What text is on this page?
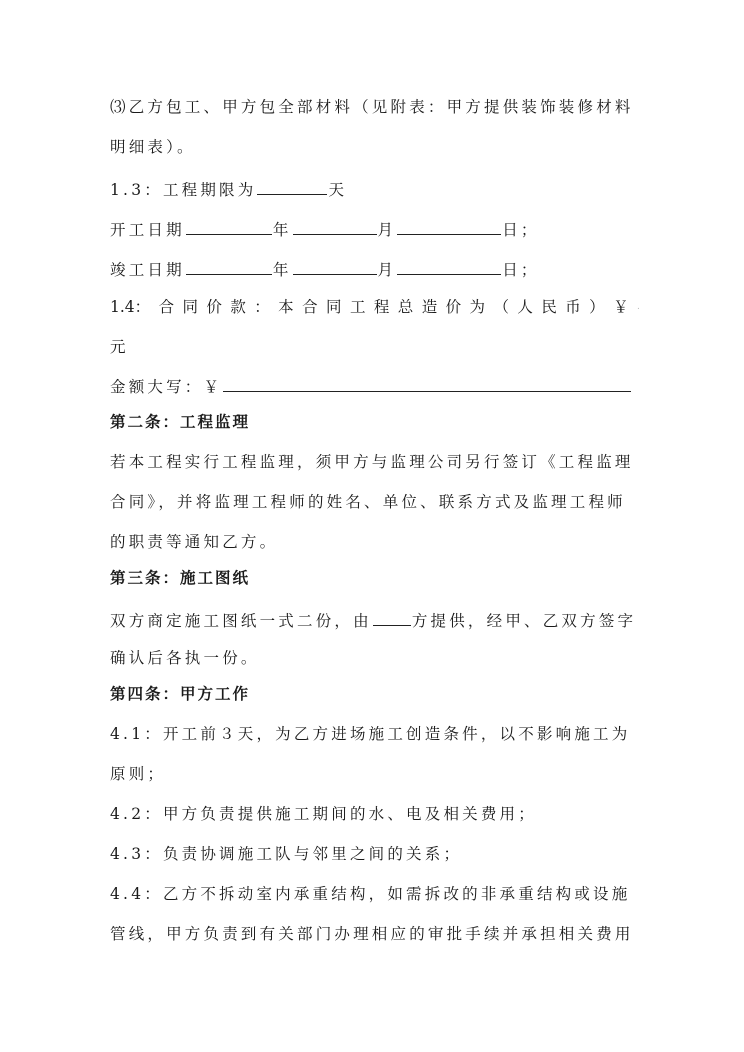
⑶乙方包工、甲方包全部材料（见附表：甲方提供装饰装修材料
明细表）。
1.3：工程期限为	天
开工日期	年	月	日；
竣工日期	年	月	日；
1.4： 合 同 价 款 ： 本 合 同 工 程 总 造 价 为 （ 人 民 币 ） ￥ .
元
金额大写：￥
第二条：工程监理
若本工程实行工程监理，须甲方与监理公司另行签订《工程监理
合同》，并将监理工程师的姓名、单位、联系方式及监理工程师
的职责等通知乙方。
第三条：施工图纸
双方商定施工图纸一式二份，由	方提供，经甲、乙双方签字
确认后各执一份。
第四条：甲方工作
4.1：开工前３天，为乙方进场施工创造条件，以不影响施工为
原则；
4.2：甲方负责提供施工期间的水、电及相关费用；
4.3：负责协调施工队与邻里之间的关系；
4.4：乙方不拆动室内承重结构，如需拆改的非承重结构或设施
管线，甲方负责到有关部门办理相应的审批手续并承担相关费用
